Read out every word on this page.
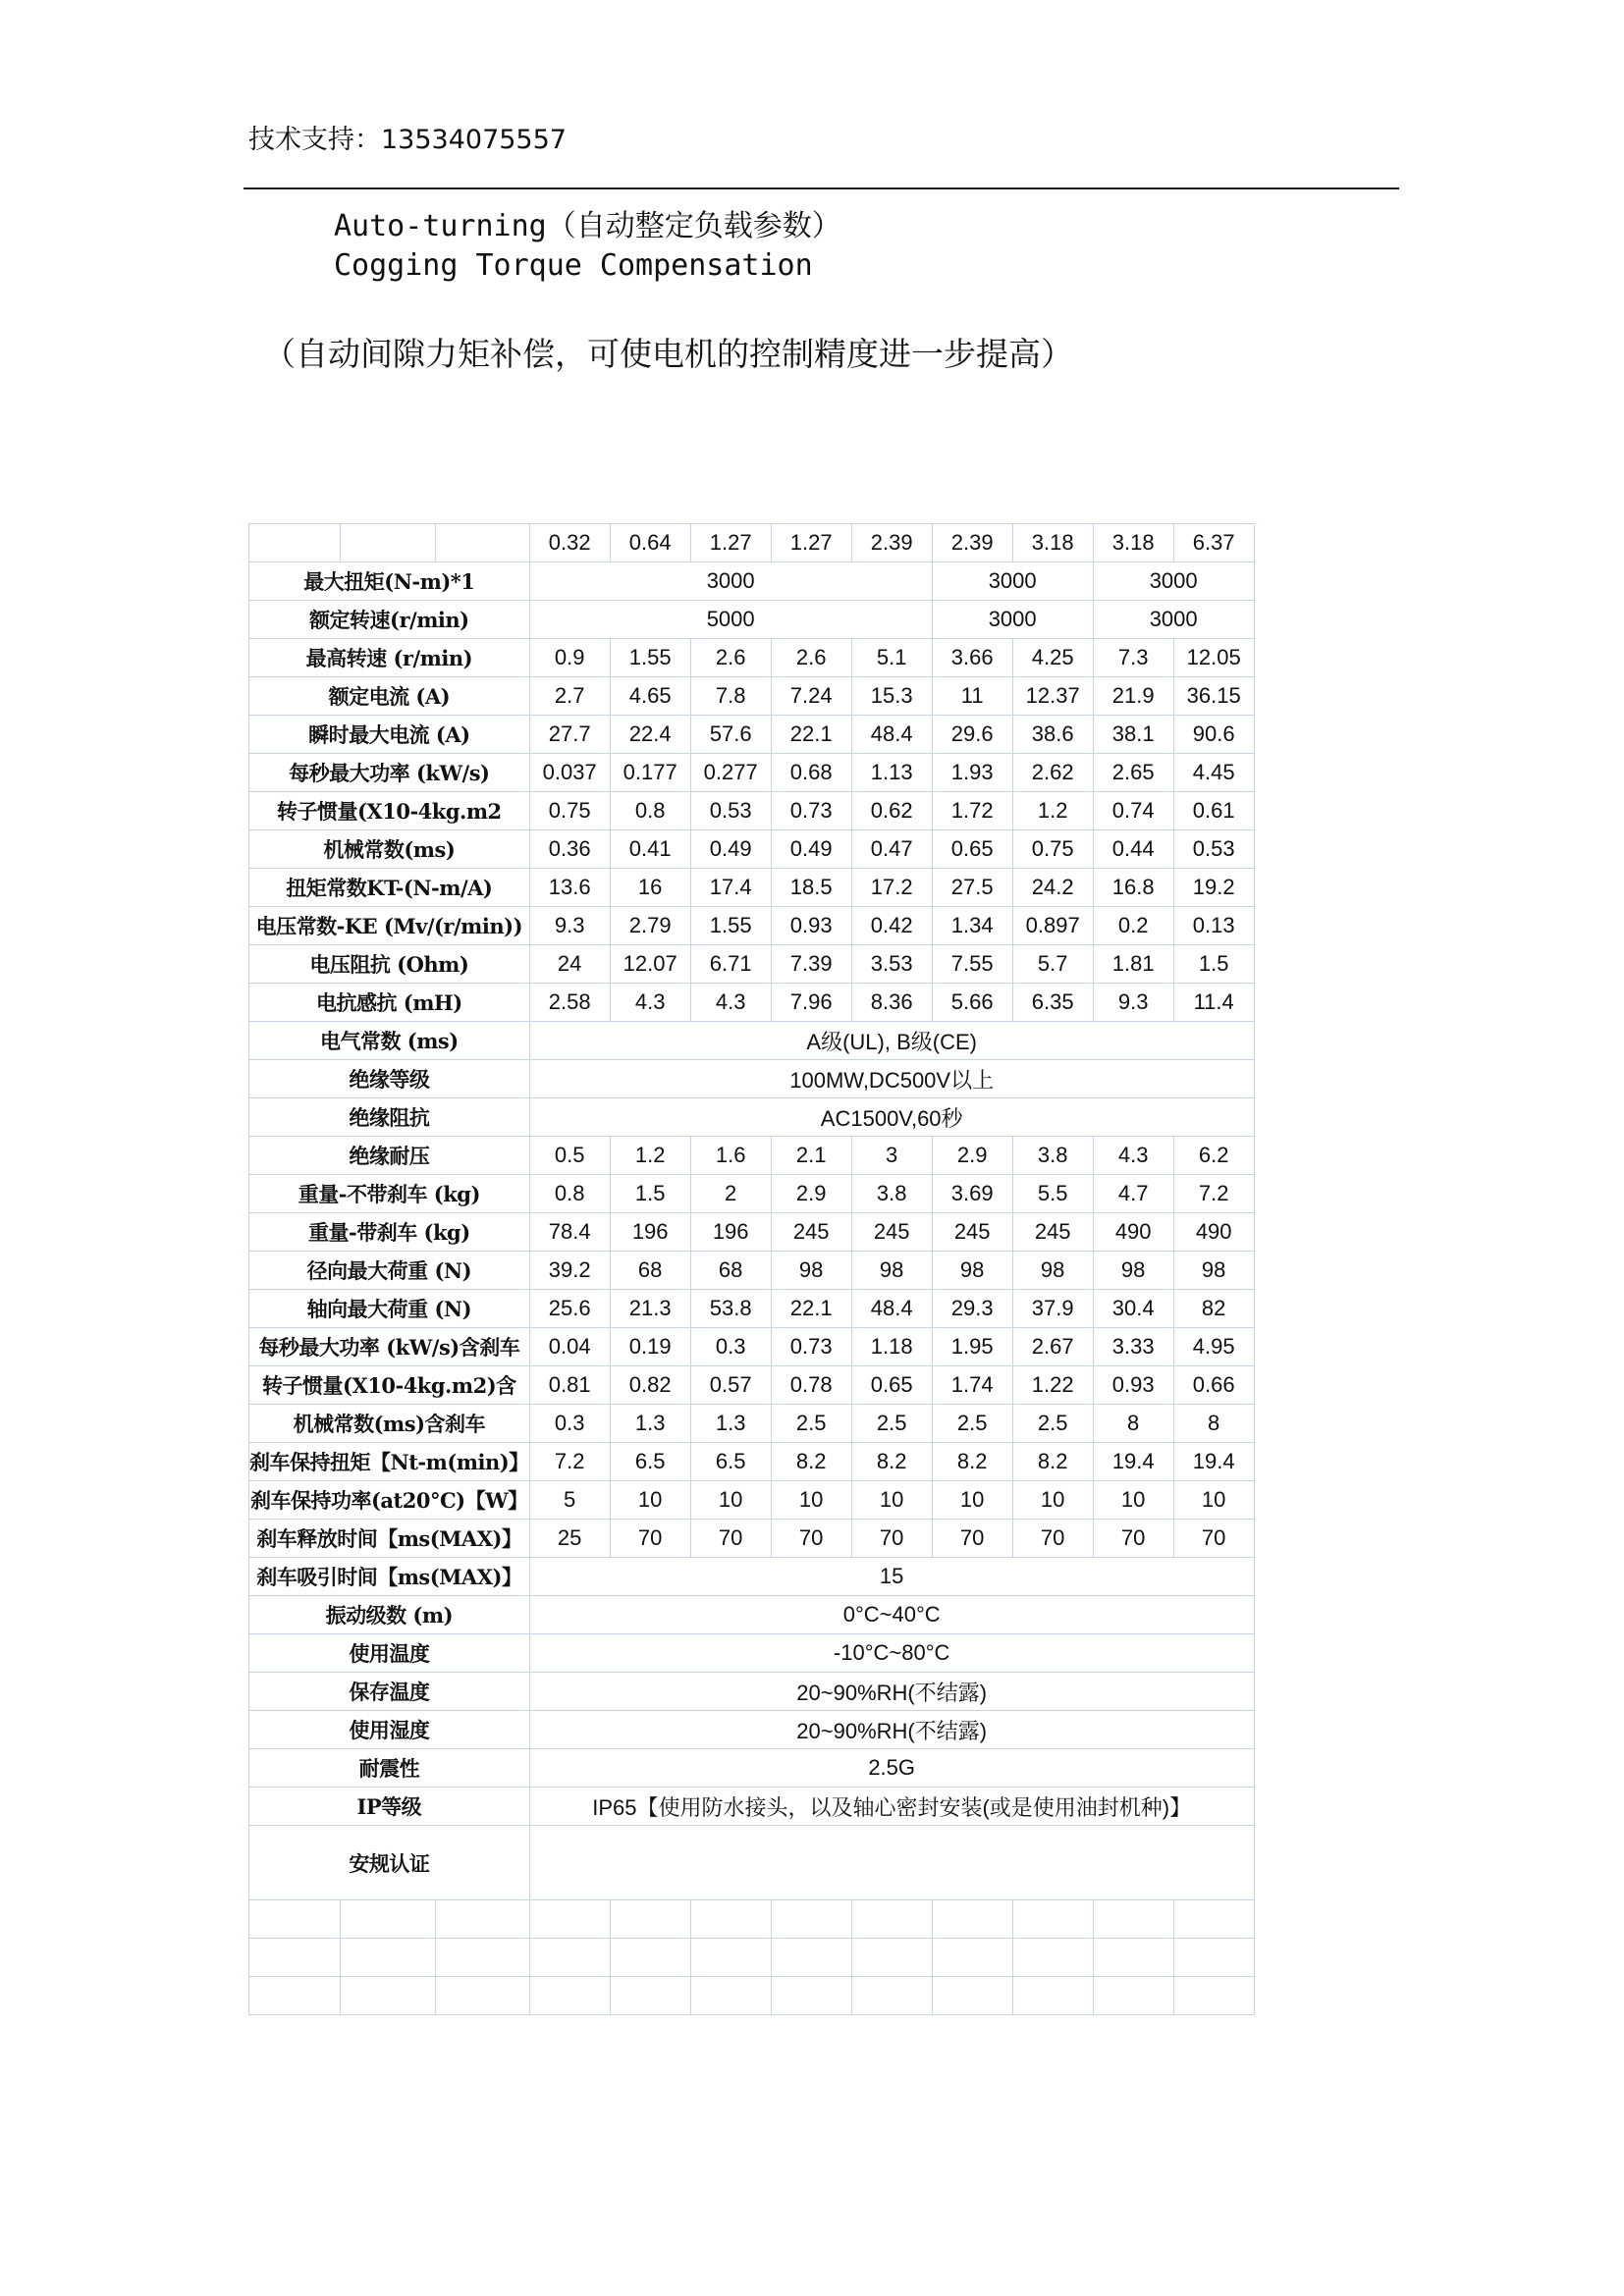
技术支持：13534075557
Auto-turning（自动整定负载参数）
Cogging Torque Compensation
（自动间隙力矩补偿，可使电机的控制精度进一步提高）
			0.32	0.64	1.27	1.27	2.39	2.39	3.18	3.18	6.37
最大扭矩(N-m)*1			3000					3000		3000	
额定转速(r/min)			5000					3000		3000	
最高转速 (r/min)			0.9	1.55	2.6	2.6	5.1	3.66	4.25	7.3	12.05
额定电流 (A)			2.7	4.65	7.8	7.24	15.3	11	12.37	21.9	36.15
瞬时最大电流 (A)			27.7	22.4	57.6	22.1	48.4	29.6	38.6	38.1	90.6
每秒最大功率 (kW/s)			0.037	0.177	0.277	0.68	1.13	1.93	2.62	2.65	4.45
转子惯量(X10-4kg.m2			0.75	0.8	0.53	0.73	0.62	1.72	1.2	0.74	0.61
机械常数(ms)			0.36	0.41	0.49	0.49	0.47	0.65	0.75	0.44	0.53
扭矩常数KT-(N-m/A)			13.6	16	17.4	18.5	17.2	27.5	24.2	16.8	19.2
电压常数-KE (Mv/(r/min))			9.3	2.79	1.55	0.93	0.42	1.34	0.897	0.2	0.13
电压阻抗 (Ohm)			24	12.07	6.71	7.39	3.53	7.55	5.7	1.81	1.5
电抗感抗 (mH)			2.58	4.3	4.3	7.96	8.36	5.66	6.35	9.3	11.4
电气常数 (ms)			A级(UL), B级(CE)								
绝缘等级			100MW,DC500V以上								
绝缘阻抗			AC1500V,60秒								
绝缘耐压			0.5	1.2	1.6	2.1	3	2.9	3.8	4.3	6.2
重量-不带刹车 (kg)			0.8	1.5	2	2.9	3.8	3.69	5.5	4.7	7.2
重量-带刹车 (kg)			78.4	196	196	245	245	245	245	490	490
径向最大荷重 (N)			39.2	68	68	98	98	98	98	98	98
轴向最大荷重 (N)			25.6	21.3	53.8	22.1	48.4	29.3	37.9	30.4	82
每秒最大功率 (kW/s)含刹车			0.04	0.19	0.3	0.73	1.18	1.95	2.67	3.33	4.95
转子惯量(X10-4kg.m2)含			0.81	0.82	0.57	0.78	0.65	1.74	1.22	0.93	0.66
机械常数(ms)含刹车			0.3	1.3	1.3	2.5	2.5	2.5	2.5	8	8
刹车保持扭矩【Nt-m(min)】			7.2	6.5	6.5	8.2	8.2	8.2	8.2	19.4	19.4
刹车保持功率(at20°C)【W】			5	10	10	10	10	10	10	10	10
刹车释放时间【ms(MAX)】			25	70	70	70	70	70	70	70	70
刹车吸引时间【ms(MAX)】			15								
振动级数 (m)			0°C~40°C								
使用温度			-10°C~80°C								
保存温度			20~90%RH(不结露)								
使用湿度			20~90%RH(不结露)								
耐震性			2.5G								
IP等级			IP65【使用防水接头，以及轴心密封安装(或是使用油封机种)】								
安规认证											
